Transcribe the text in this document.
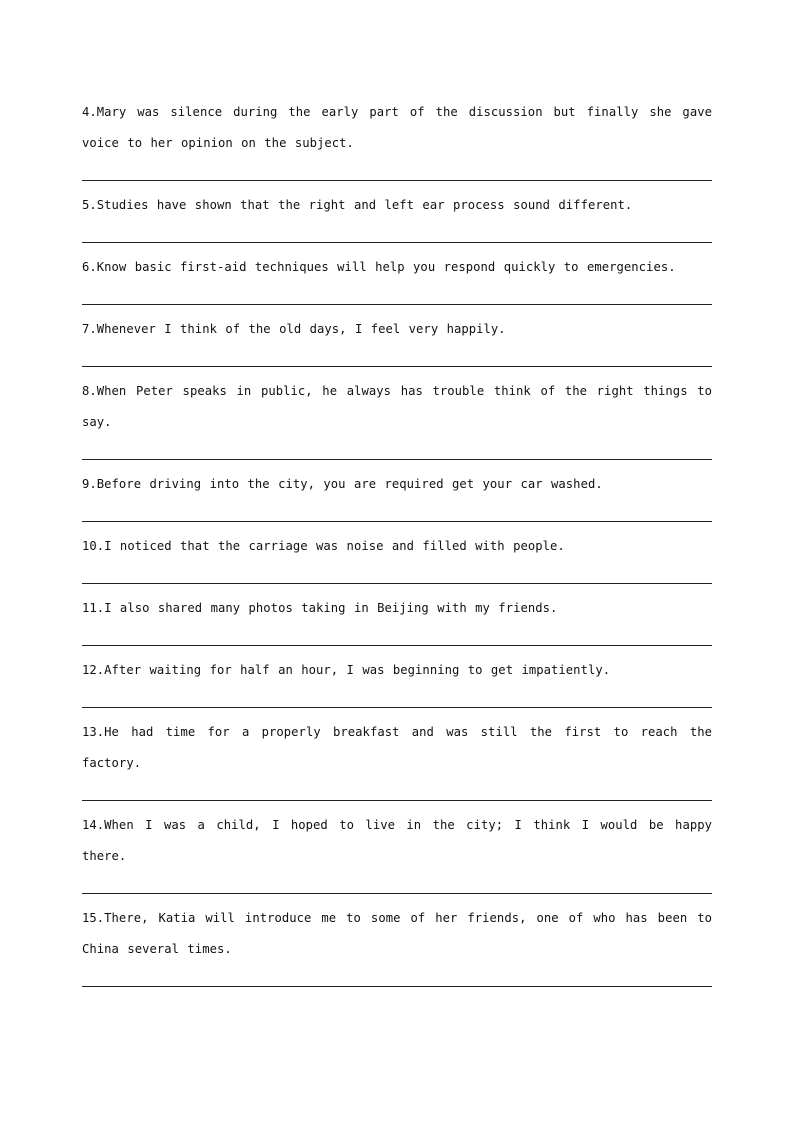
4.Mary was silence during the early part of the discussion but finally she gave voice to her opinion on the subject.

5.Studies have shown that the right and left ear process sound different.

6.Know basic first-aid techniques will help you respond quickly to emergencies.

7.Whenever I think of the old days, I feel very happily.

8.When Peter speaks in public, he always has trouble think of the right things to say.

9.Before driving into the city, you are required get your car washed.

10.I noticed that the carriage was noise and filled with people.

11.I also shared many photos taking in Beijing with my friends.

12.After waiting for half an hour, I was beginning to get impatiently.

13.He had time for a properly breakfast and was still the first to reach the factory.

14.When I was a child, I hoped to live in the city; I think I would be happy there.

15.There, Katia will introduce me to some of her friends, one of who has been to China several times.
